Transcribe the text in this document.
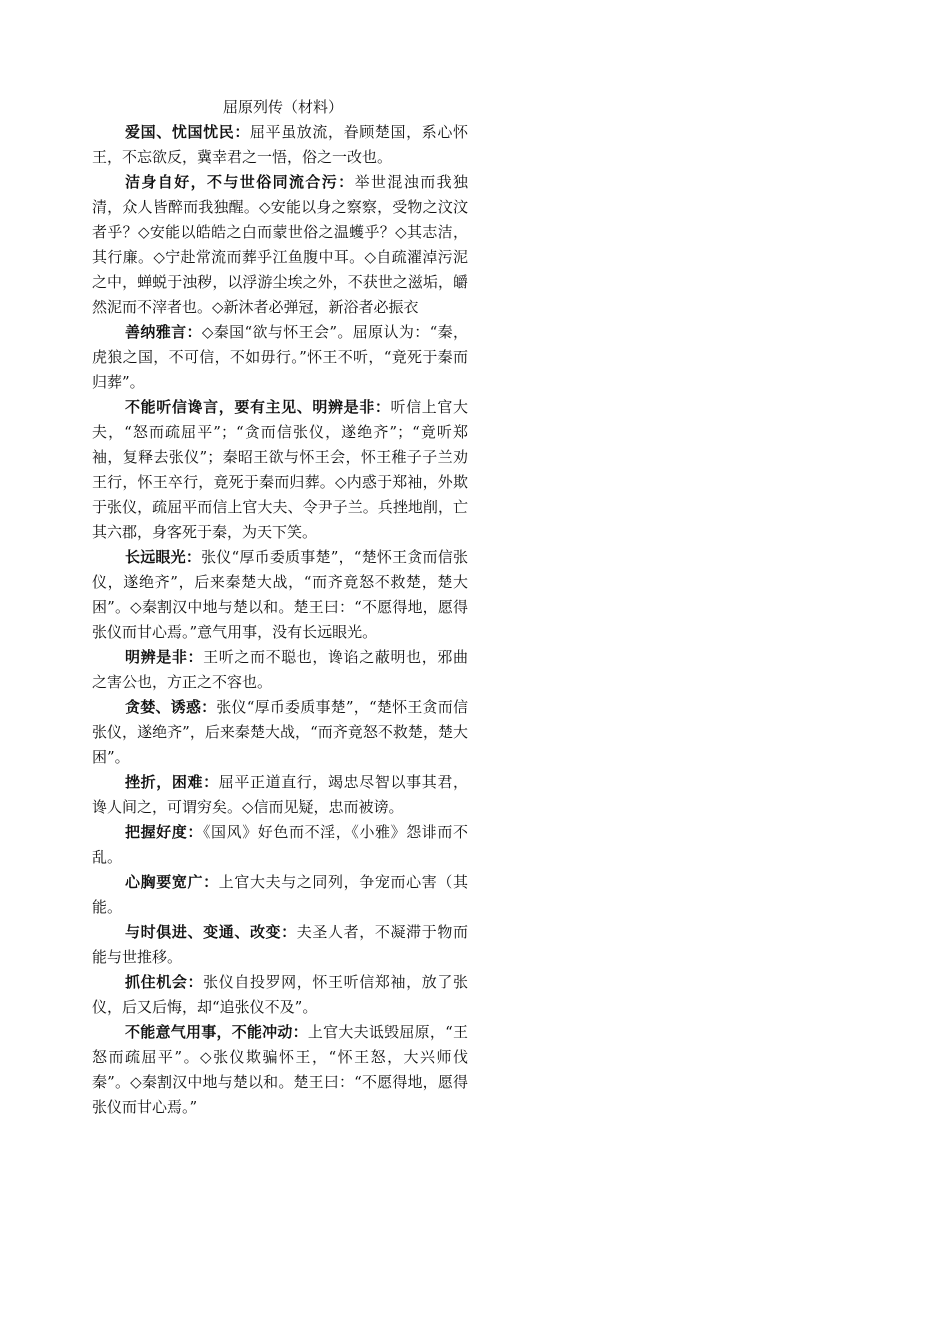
屈原列传（材料）

爱国、忧国忧民：屈平虽放流，眷顾楚国，系心怀王，不忘欲反，冀幸君之一悟，俗之一改也。

洁身自好，不与世俗同流合污：举世混浊而我独清，众人皆醉而我独醒。◇安能以身之察察，受物之汶汶者乎？◇安能以皓皓之白而蒙世俗之温蠖乎？◇其志洁，其行廉。◇宁赴常流而葬乎江鱼腹中耳。◇自疏濯淖污泥之中，蝉蜕于浊秽，以浮游尘埃之外，不获世之滋垢，皭然泥而不滓者也。◇新沐者必弹冠，新浴者必振衣

善纳雅言：◇秦国“欲与怀王会”。屈原认为：“秦，虎狼之国，不可信，不如毋行。”怀王不听，“竟死于秦而归葬”。

不能听信谗言，要有主见、明辨是非：听信上官大夫，“怒而疏屈平”；“贪而信张仪，遂绝齐”；“竟听郑袖，复释去张仪”；秦昭王欲与怀王会，怀王稚子子兰劝王行，怀王卒行，竟死于秦而归葬。◇内惑于郑袖，外欺于张仪，疏屈平而信上官大夫、令尹子兰。兵挫地削，亡其六郡，身客死于秦，为天下笑。

长远眼光：张仪“厚币委质事楚”，“楚怀王贪而信张仪，遂绝齐”，后来秦楚大战，“而齐竟怒不救楚，楚大困”。◇秦割汉中地与楚以和。楚王曰：“不愿得地，愿得张仪而甘心焉。”意气用事，没有长远眼光。

明辨是非：王听之而不聪也，谗谄之蔽明也，邪曲之害公也，方正之不容也。

贪婪、诱惑：张仪“厚币委质事楚”，“楚怀王贪而信张仪，遂绝齐”，后来秦楚大战，“而齐竟怒不救楚，楚大困”。

挫折，困难：屈平正道直行，竭忠尽智以事其君，谗人间之，可谓穷矣。◇信而见疑，忠而被谤。

把握好度：《国风》好色而不淫，《小雅》怨诽而不乱。

心胸要宽广：上官大夫与之同列，争宠而心害（其能。

与时俱进、变通、改变：夫圣人者，不凝滞于物而能与世推移。

抓住机会：张仪自投罗网，怀王听信郑袖，放了张仪，后又后悔，却“追张仪不及”。

不能意气用事，不能冲动：上官大夫诋毁屈原，“王怒而疏屈平”。◇张仪欺骗怀王，“怀王怒，大兴师伐秦”。◇秦割汉中地与楚以和。楚王曰：“不愿得地，愿得张仪而甘心焉。”
